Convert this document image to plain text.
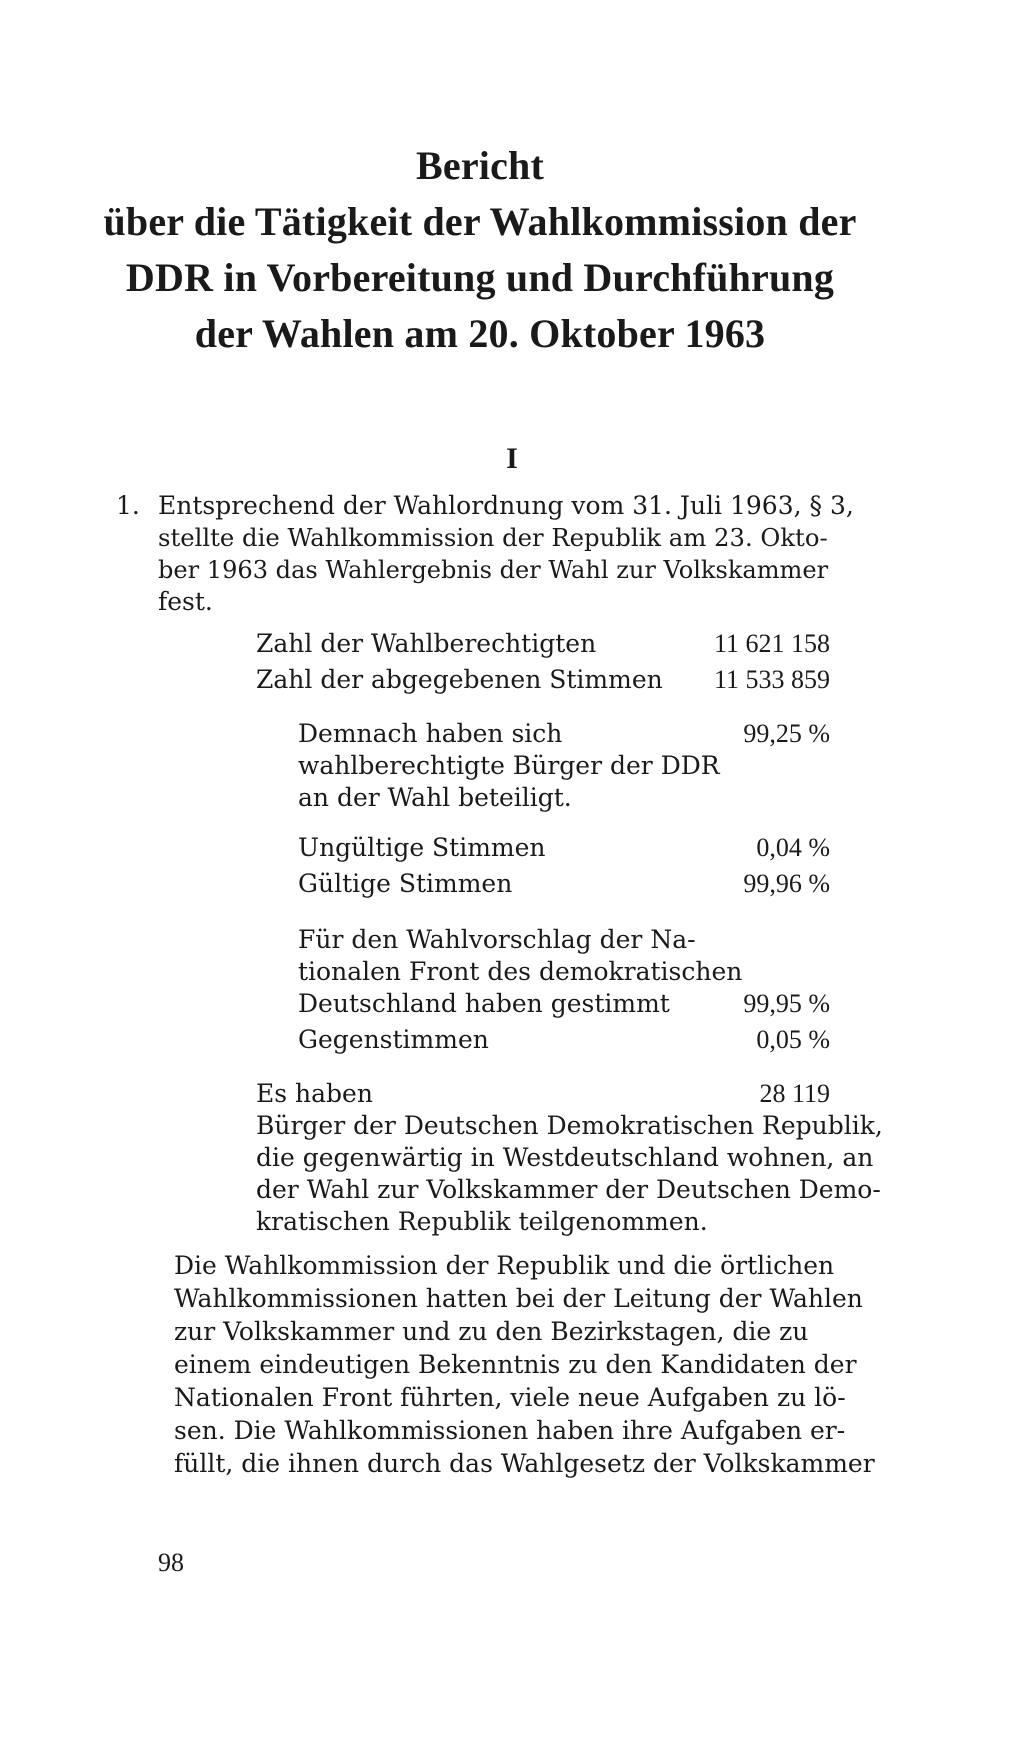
Bericht
über die Tätigkeit der Wahlkommission der
DDR in Vorbereitung und Durchführung
der Wahlen am 20. Oktober 1963
I
1. Entsprechend der Wahlordnung vom 31. Juli 1963, § 3,
stellte die Wahlkommission der Republik am 23. Okto-
ber 1963 das Wahlergebnis der Wahl zur Volkskammer
fest.
Zahl der Wahlberechtigten	11 621 158
Zahl der abgegebenen Stimmen 11 533 859
Demnach haben sich	99,25 %
wahlberechtigte Bürger der DDR
an der Wahl beteiligt.
Ungültige Stimmen	0,04 %
Gültige Stimmen	99,96 %
Für den Wahlvorschlag der Na-
tionalen Front des demokratischen
Deutschland haben gestimmt	99,95 %
Gegenstimmen	0,05 %
Es haben	28 119
Bürger der Deutschen Demokratischen Republik,
die gegenwärtig in Westdeutschland wohnen, an
der Wahl zur Volkskammer der Deutschen Demo-
kratischen Republik teilgenommen.
Die Wahlkommission der Republik und die örtlichen
Wahlkommissionen hatten bei der Leitung der Wahlen
zur Volkskammer und zu den Bezirkstagen, die zu
einem eindeutigen Bekenntnis zu den Kandidaten der
Nationalen Front führten, viele neue Aufgaben zu lö-
sen. Die Wahlkommissionen haben ihre Aufgaben er-
füllt, die ihnen durch das Wahlgesetz der Volkskammer
98
